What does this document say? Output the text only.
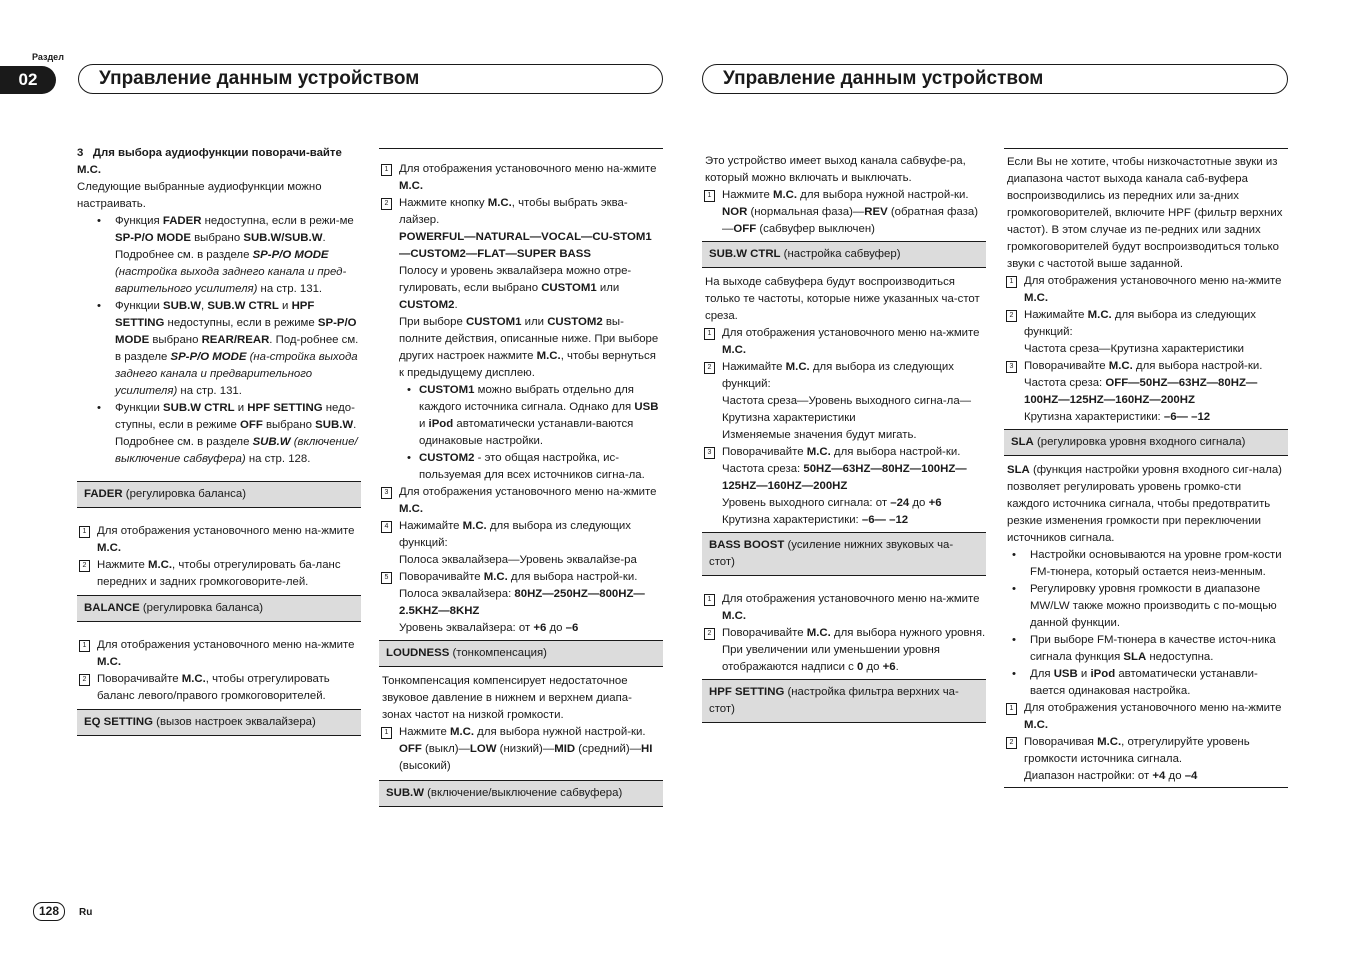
Раздел
02	Управление данным устройством	Управление данным устройством

3 Для выбора аудиофункции поворачи-вайте M.C.

Следующие выбранные аудиофункции можно настраивать.

• Функция FADER недоступна, если в режи-ме SP-P/O MODE выбрано SUB.W/SUB.W. Подробнее см. в разделе SP-P/O MODE (настройка выхода заднего канала и пред-варительного усилителя) на стр. 131.
• Функции SUB.W, SUB.W CTRL и HPF SETTING недоступны, если в режиме SP-P/O MODE выбрано REAR/REAR. Под-робнее см. в разделе SP-P/O MODE (на-стройка выхода заднего канала и предварительного усилителя) на стр. 131.
• Функции SUB.W CTRL и HPF SETTING недо-ступны, если в режиме OFF выбрано SUB.W. Подробнее см. в разделе SUB.W (включение/выключение сабвуфера) на стр. 128.
FADER (регулировка баланса)
1 Для отображения установочного меню на-жмите M.C.
2 Нажмите M.C., чтобы отрегулировать ба-ланс передних и задних громкоговорите-лей.
BALANCE (регулировка баланса)
1 Для отображения установочного меню на-жмите M.C.
2 Поворачивайте M.C., чтобы отрегулировать баланс левого/правого громкоговорителей.
EQ SETTING (вызов настроек эквалайзера)
1 Для отображения установочного меню на-жмите M.C.
2 Нажмите кнопку M.C., чтобы выбрать эква-лайзер.

POWERFUL—NATURAL—VOCAL—CU-STOM1—CUSTOM2—FLAT—SUPER BASS

Полосу и уровень эквалайзера можно отре-гулировать, если выбрано CUSTOM1 или CUSTOM2.

При выборе CUSTOM1 или CUSTOM2 вы-полните действия, описанные ниже. При выборе других настроек нажмите M.C., чтобы вернуться к предыдущему дисплею.

• CUSTOM1 можно выбрать отдельно для каждого источника сигнала. Однако для USB и iPod автоматически устанавли-ваются одинаковые настройки.
• CUSTOM2 - это общая настройка, ис-пользуемая для всех источников сигна-ла.
3 Для отображения установочного меню на-жмите M.C.
4 Нажимайте M.C. для выбора из следующих функций:

Полоса эквалайзера—Уровень эквалайзе-ра

5 Поворачивайте M.C. для выбора настрой-ки.

Полоса эквалайзера: 80HZ—250HZ—800HZ—2.5KHZ—8KHZ

Уровень эквалайзера: от +6 до –6

LOUDNESS (тонкомпенсация)

Тонкомпенсация компенсирует недостаточное звуковое давление в нижнем и верхнем диапа-зонах частот на низкой громкости.

1 Нажмите M.C. для выбора нужной настрой-ки.

OFF (выкл)—LOW (низкий)—MID (средний)—HI (высокий)

SUB.W (включение/выключение сабвуфера)

Это устройство имеет выход канала сабвуфе-ра, который можно включать и выключать.

1 Нажмите M.C. для выбора нужной настрой-ки.

NOR (нормальная фаза)—REV (обратная фаза)—OFF (сабвуфер выключен)

SUB.W CTRL (настройка сабвуфер)

На выходе сабвуфера будут воспроизводиться только те частоты, которые ниже указанных ча-стот среза.

1 Для отображения установочного меню на-жмите M.C.
2 Нажимайте M.C. для выбора из следующих функций:

Частота среза—Уровень выходного сигна-ла—Крутизна характеристики

Изменяемые значения будут мигать.

3 Поворачивайте M.C. для выбора настрой-ки.

Частота среза: 50HZ—63HZ—80HZ—100HZ—125HZ—160HZ—200HZ

Уровень выходного сигнала: от –24 до +6

Крутизна характеристики: –6— –12

BASS BOOST (усиление нижних звуковых ча-стот)
1 Для отображения установочного меню на-жмите M.C.
2 Поворачивайте M.C. для выбора нужного уровня.

При увеличении или уменьшении уровня отображаются надписи с 0 до +6.

HPF SETTING (настройка фильтра верхних ча-стот)

Если Вы не хотите, чтобы низкочастотные звуки из диапазона частот выхода канала саб-вуфера воспроизводились из передних или за-дних громкоговорителей, включите HPF (фильтр верхних частот). В этом случае из пе-редних или задних громкоговорителей будут воспроизводиться только звуки с частотой выше заданной.

1 Для отображения установочного меню на-жмите M.C.
2 Нажимайте M.C. для выбора из следующих функций:

Частота среза—Крутизна характеристики

3 Поворачивайте M.C. для выбора настрой-ки.

Частота среза: OFF—50HZ—63HZ—80HZ—100HZ—125HZ—160HZ—200HZ

Крутизна характеристики: –6— –12

SLA (регулировка уровня входного сигнала)

SLA (функция настройки уровня входного сиг-нала) позволяет регулировать уровень громко-сти каждого источника сигнала, чтобы предотвратить резкие изменения громкости при переключении источников сигнала.

• Настройки основываются на уровне гром-кости FM-тюнера, который остается неиз-менным.
• Регулировку уровня громкости в диапазоне MW/LW также можно производить с по-мощью данной функции.
• При выборе FM-тюнера в качестве источ-ника сигнала функция SLA недоступна.
• Для USB и iPod автоматически устанавли-вается одинаковая настройка.
1 Для отображения установочного меню на-жмите M.C.
2 Поворачивая M.C., отрегулируйте уровень громкости источника сигнала.

Диапазон настройки: от +4 до –4

128	Ru
